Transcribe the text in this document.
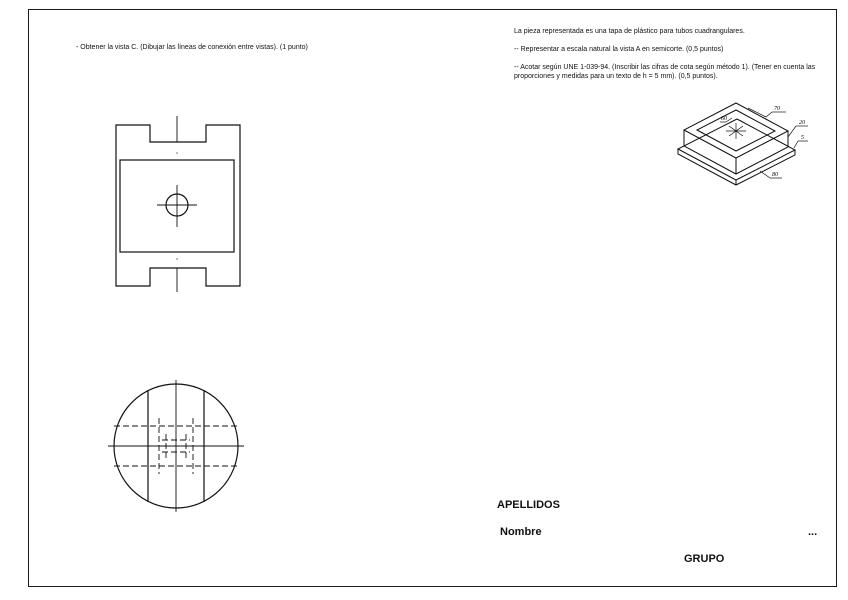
- Obtener la vista C. (Dibujar las líneas de conexión entre vistas). (1 punto)
La pieza representada es una tapa de plástico para tubos cuadrangulares.
-- Representar a escala natural la vista A en semicorte. (0,5 puntos)
-- Acotar según UNE 1-039-94. (Inscribir las cifras de cota según método 1). (Tener en cuenta las proporciones y medidas para un texto de h = 5 mm). (0,5 puntos).
70
60
20
5
80
APELLIDOS
Nombre	...
GRUPO
